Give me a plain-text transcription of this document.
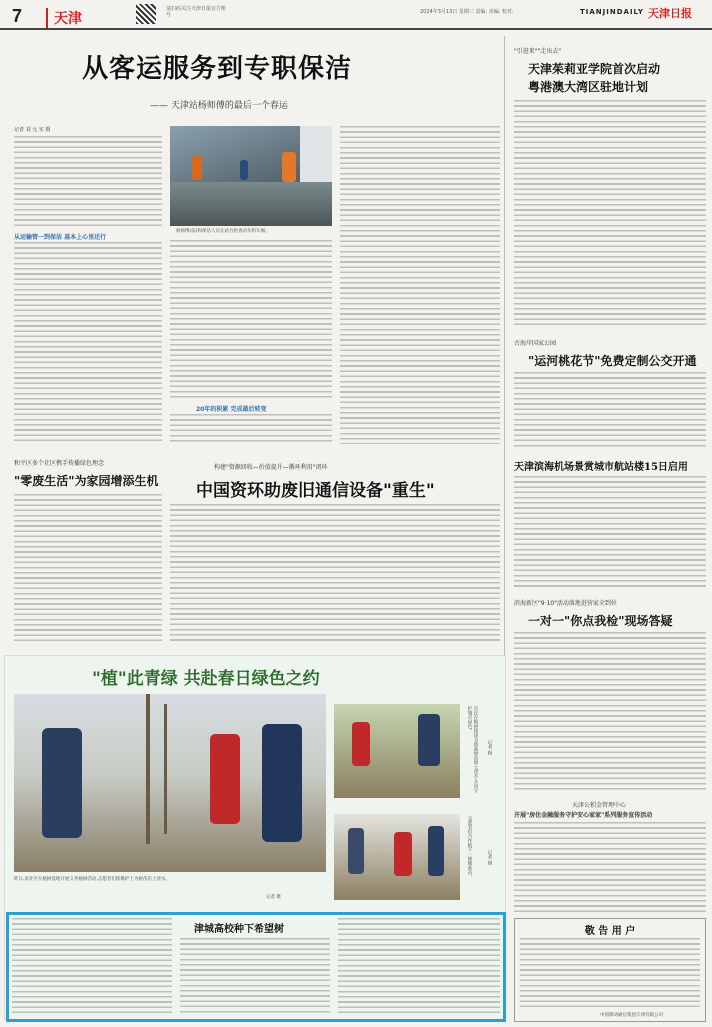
7	天津
请扫码关注天津日报官方账号	2024年3月13日 星期三 责编: 美编: 校对:	TIANJINDAILY 天津日报
从客运服务到专职保洁
—— 天津站杨师傅的最后一个春运
记者 刘 元 实 摄
从运输管一到保洁 基本上心里还行
杨师傅(前)和保洁人员在站台检查动车组车厢。
20年的积累 完成最后转变
和平区多个社区携手传播绿色理念
"零废生活"为家园增添生机
构建"资源回收—价值提升—循环利用"闭环
中国资环助废旧通信设备"重生"
"植"此青绿 共赴春日绿色之约
昨日,南开区在植树基地开展义务植树活动,志愿者们挥锹铲土为树苗培土浇水。
记者 摄
市民在植树现场为新栽树苗填土浇水,共同守护城市绿色。
记者 摄
志愿者们合作植下一棵棵新苗。	记者 摄
津城高校种下希望树
"引进来""走出去"
天津茱莉亚学院首次启动
粤港澳大湾区驻地计划
古海岸国家公园
"运河桃花节"免费定制公交开通
天津滨海机场景赏城市航站楼15日启用
滨海新区"9·10"活动落地进营家全到位
一对一"你点我检"现场答疑
天津公积金管理中心
开展"房住金融服务守护安心家家"系列服务宣传活动
敬 告 用 户
中国移动通信集团天津有限公司
